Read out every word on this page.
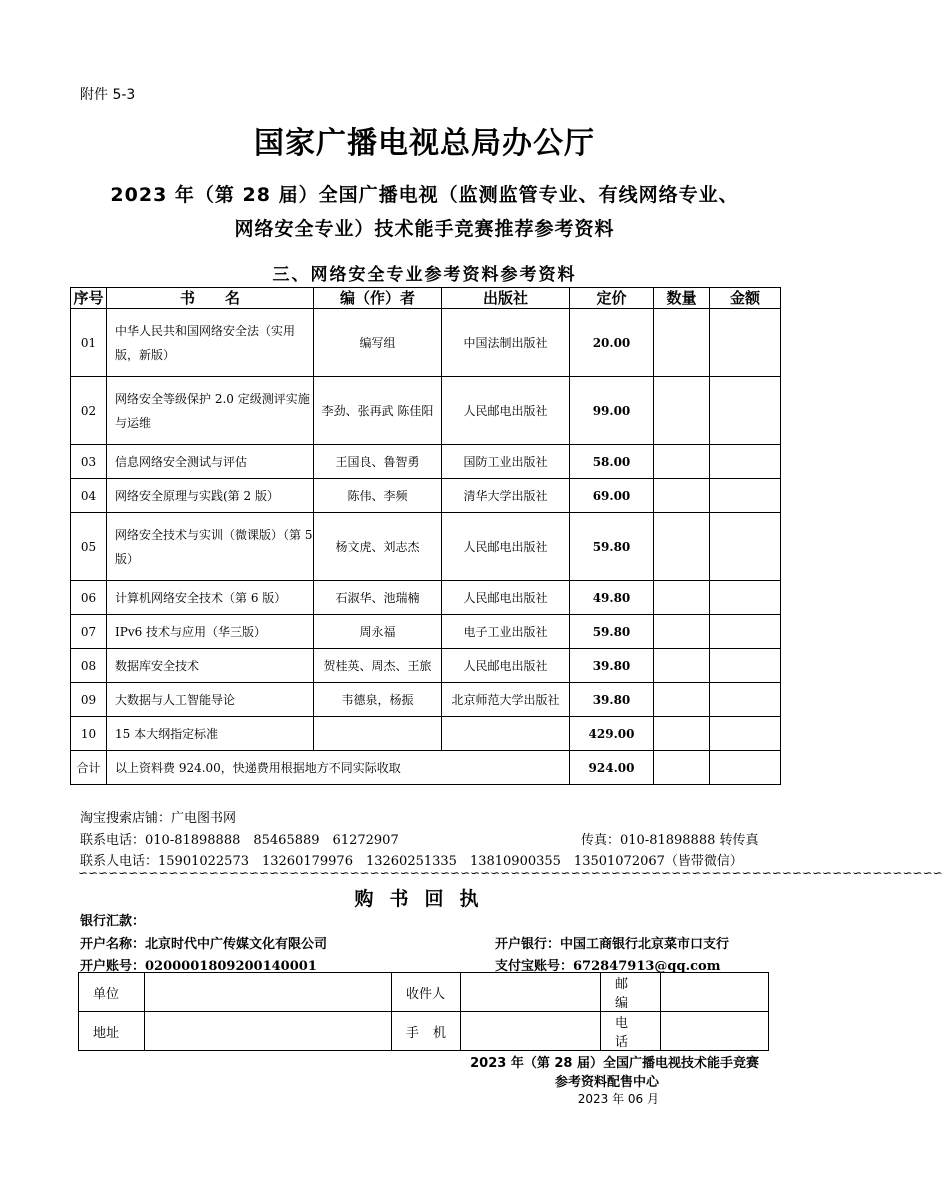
附件 5-3
国家广播电视总局办公厅
2023 年（第 28 届）全国广播电视（监测监管专业、有线网络专业、
网络安全专业）技术能手竞赛推荐参考资料
三、网络安全专业参考资料参考资料
序号	书　　名	编（作）者	出版社	定价	数量	金额
01	中华人民共和国网络安全法（实用版，新版）	编写组	中国法制出版社	20.00		
02	网络安全等级保护 2.0 定级测评实施与运维	李劲、张再武 陈佳阳	人民邮电出版社	99.00		
03	信息网络安全测试与评估	王国良、鲁智勇	国防工业出版社	58.00		
04	网络安全原理与实践(第 2 版）	陈伟、李频	清华大学出版社	69.00		
05	网络安全技术与实训（微课版）（第 5 版）	杨文虎、刘志杰	人民邮电出版社	59.80		
06	计算机网络安全技术（第 6 版）	石淑华、池瑞楠	人民邮电出版社	49.80		
07	IPv6 技术与应用（华三版）	周永福	电子工业出版社	59.80		
08	数据库安全技术	贺桂英、周杰、王旅	人民邮电出版社	39.80		
09	大数据与人工智能导论	韦德泉，杨振	北京师范大学出版社	39.80		
10	15 本大纲指定标准			429.00		
合计	以上资料费 924.00，快递费用根据地方不同实际收取			924.00		
淘宝搜索店铺：广电图书网
联系电话：010-81898888　85465889　61272907	传真：010-81898888 转传真
联系人电话：15901022573　13260179976　13260251335　13810900355　13501072067（皆带微信）
∽∽∽∽∽∽∽∽∽∽∽∽∽∽∽∽∽∽∽∽∽∽∽∽∽∽∽∽∽∽∽∽∽∽∽∽∽∽∽∽∽∽∽∽∽∽∽∽∽∽∽∽∽∽∽∽∽∽∽∽∽∽∽∽∽∽∽∽∽∽∽∽∽∽∽∽∽∽∽∽∽∽∽∽∽∽
购书回执
银行汇款：
开户名称：北京时代中广传媒文化有限公司	开户银行：中国工商银行北京菜市口支行
开户账号：0200001809200140001	支付宝账号：672847913@qq.com
单位		收件人		邮编	
地址		手机		电话	
2023 年（第 28 届）全国广播电视技术能手竞赛
参考资料配售中心
2023 年 06 月
